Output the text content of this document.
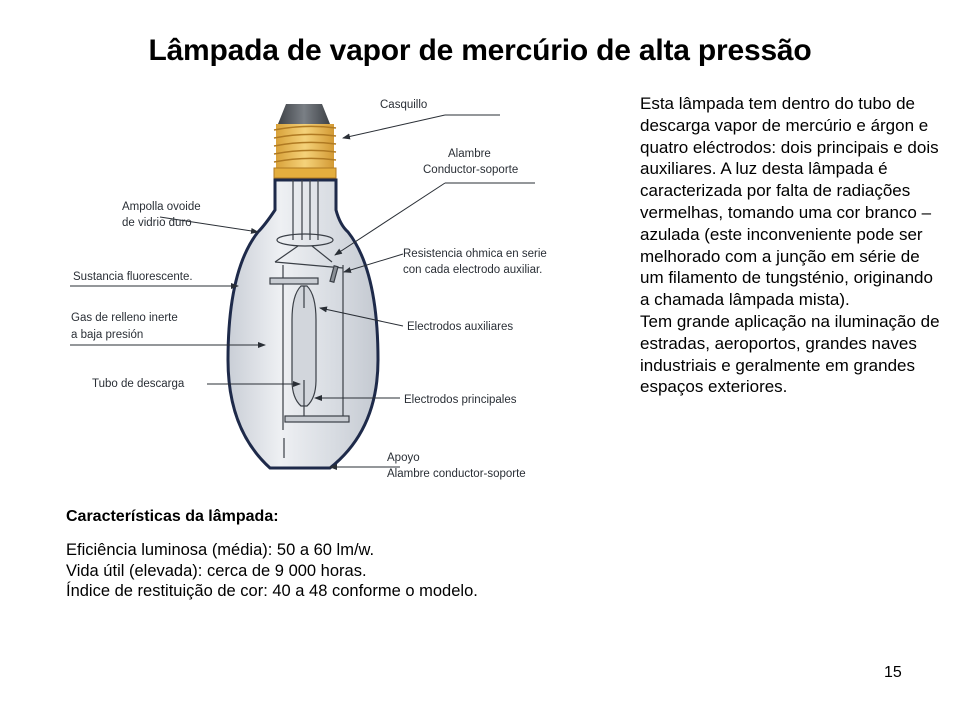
Lâmpada de vapor de mercúrio de alta pressão
Casquillo
Alambre
Conductor-soporte
Ampolla ovoide
de vidrio duro
Resistencia ohmica en serie
con cada electrodo auxiliar.
Sustancia fluorescente.
Gas de relleno inerte
a baja presión
Electrodos auxiliares
Tubo de descarga
Electrodos principales
Apoyo
Alambre conductor-soporte

Esta lâmpada tem dentro do tubo de descarga vapor de mercúrio e árgon e quatro eléctrodos: dois principais e dois auxiliares. A luz desta lâmpada é caracterizada por falta de radiações vermelhas, tomando uma cor branco – azulada (este inconveniente pode ser melhorado com a junção em série de um filamento de tungsténio, originando a chamada lâmpada mista).

Tem grande aplicação na iluminação de estradas, aeroportos, grandes naves industriais e geralmente em grandes espaços exteriores.

Características da lâmpada:
Eficiência luminosa (média): 50 a 60 lm/w.
Vida útil (elevada): cerca de 9 000 horas.
Índice de restituição de cor: 40 a 48 conforme o modelo.
15
